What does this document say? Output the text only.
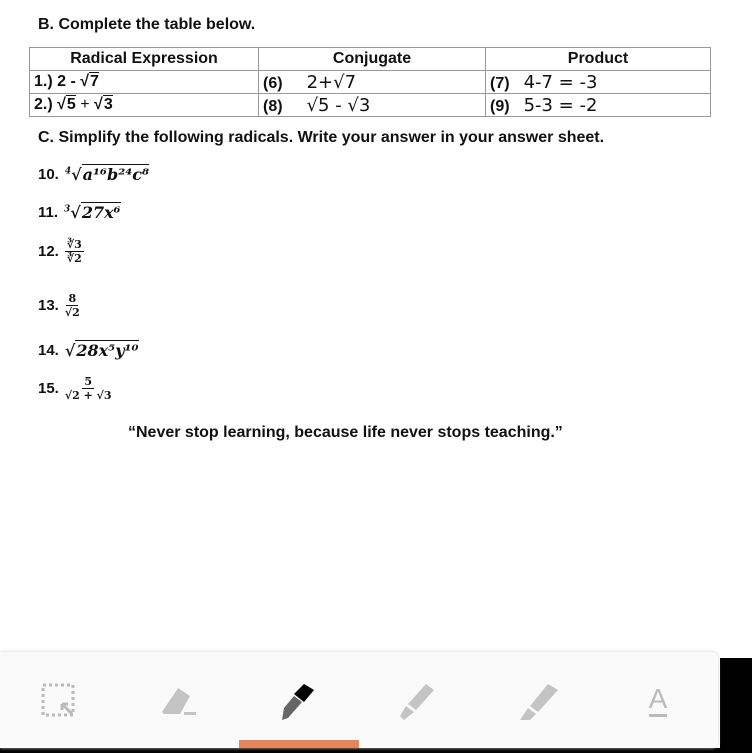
B. Complete the table below.
Radical Expression	Conjugate	Product
1.) 2 - √7	(6) 2+√7	(7) 4-7 = -3
2.) √5 + √3	(8) √5 - √3	(9) 5-3 = -2
C. Simplify the following radicals. Write your answer in your answer sheet.
10. $^4$√a¹⁶b²⁴c⁸
11. $^3$√27x⁶
12. $\frac{∛3}{∛2}$
13. $\frac{8}{√2}$
14. √28x⁵y¹⁰
15. $\frac{5}{√2 + √3}$
“Never stop learning, because life never stops teaching.”
A
